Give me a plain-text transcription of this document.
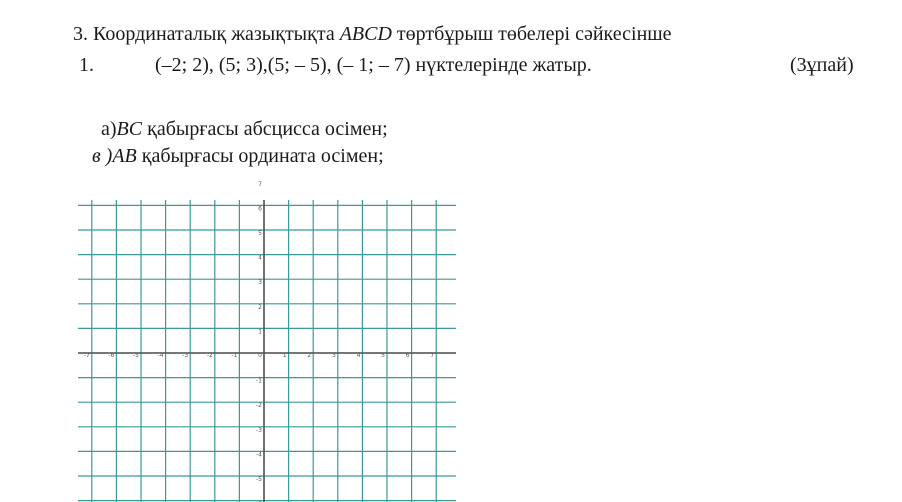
3. Координаталық жазықтықта ABCD төртбұрыш төбелері сәйкесінше
1.	(–2; 2), (5; 3),(5; – 5), (– 1; – 7) нүктелерінде жатыр.	(3ұпай)
а)BC қабырғасы абсцисса осімен;
в )AB қабырғасы ордината осімен;
-7	-6	-5	-4	-3	-2	-1	0	1	2	3	4	5	6	7
7
6
5
4
3
2
1
-1
-2
-3
-4
-5
